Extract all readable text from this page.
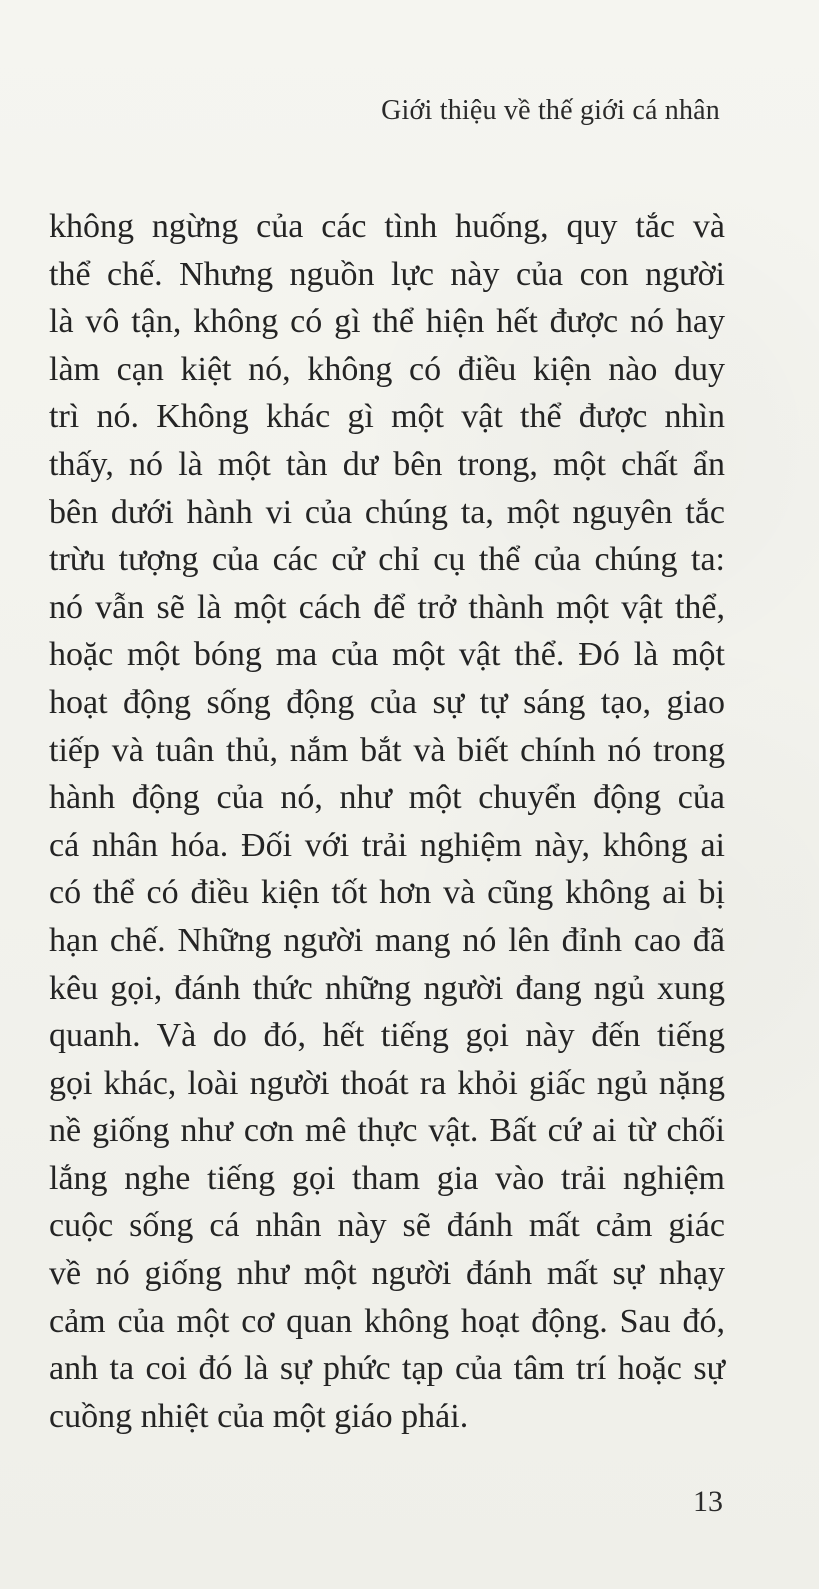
Giới thiệu về thế giới cá nhân
không ngừng của các tình huống, quy tắc và
thể chế. Nhưng nguồn lực này của con người
là vô tận, không có gì thể hiện hết được nó hay
làm cạn kiệt nó, không có điều kiện nào duy
trì nó. Không khác gì một vật thể được nhìn
thấy, nó là một tàn dư bên trong, một chất ẩn
bên dưới hành vi của chúng ta, một nguyên tắc
trừu tượng của các cử chỉ cụ thể của chúng ta:
nó vẫn sẽ là một cách để trở thành một vật thể,
hoặc một bóng ma của một vật thể. Đó là một
hoạt động sống động của sự tự sáng tạo, giao
tiếp và tuân thủ, nắm bắt và biết chính nó trong
hành động của nó, như một chuyển động của
cá nhân hóa. Đối với trải nghiệm này, không ai
có thể có điều kiện tốt hơn và cũng không ai bị
hạn chế. Những người mang nó lên đỉnh cao đã
kêu gọi, đánh thức những người đang ngủ xung
quanh. Và do đó, hết tiếng gọi này đến tiếng
gọi khác, loài người thoát ra khỏi giấc ngủ nặng
nề giống như cơn mê thực vật. Bất cứ ai từ chối
lắng nghe tiếng gọi tham gia vào trải nghiệm
cuộc sống cá nhân này sẽ đánh mất cảm giác
về nó giống như một người đánh mất sự nhạy
cảm của một cơ quan không hoạt động. Sau đó,
anh ta coi đó là sự phức tạp của tâm trí hoặc sự
cuồng nhiệt của một giáo phái.
13
